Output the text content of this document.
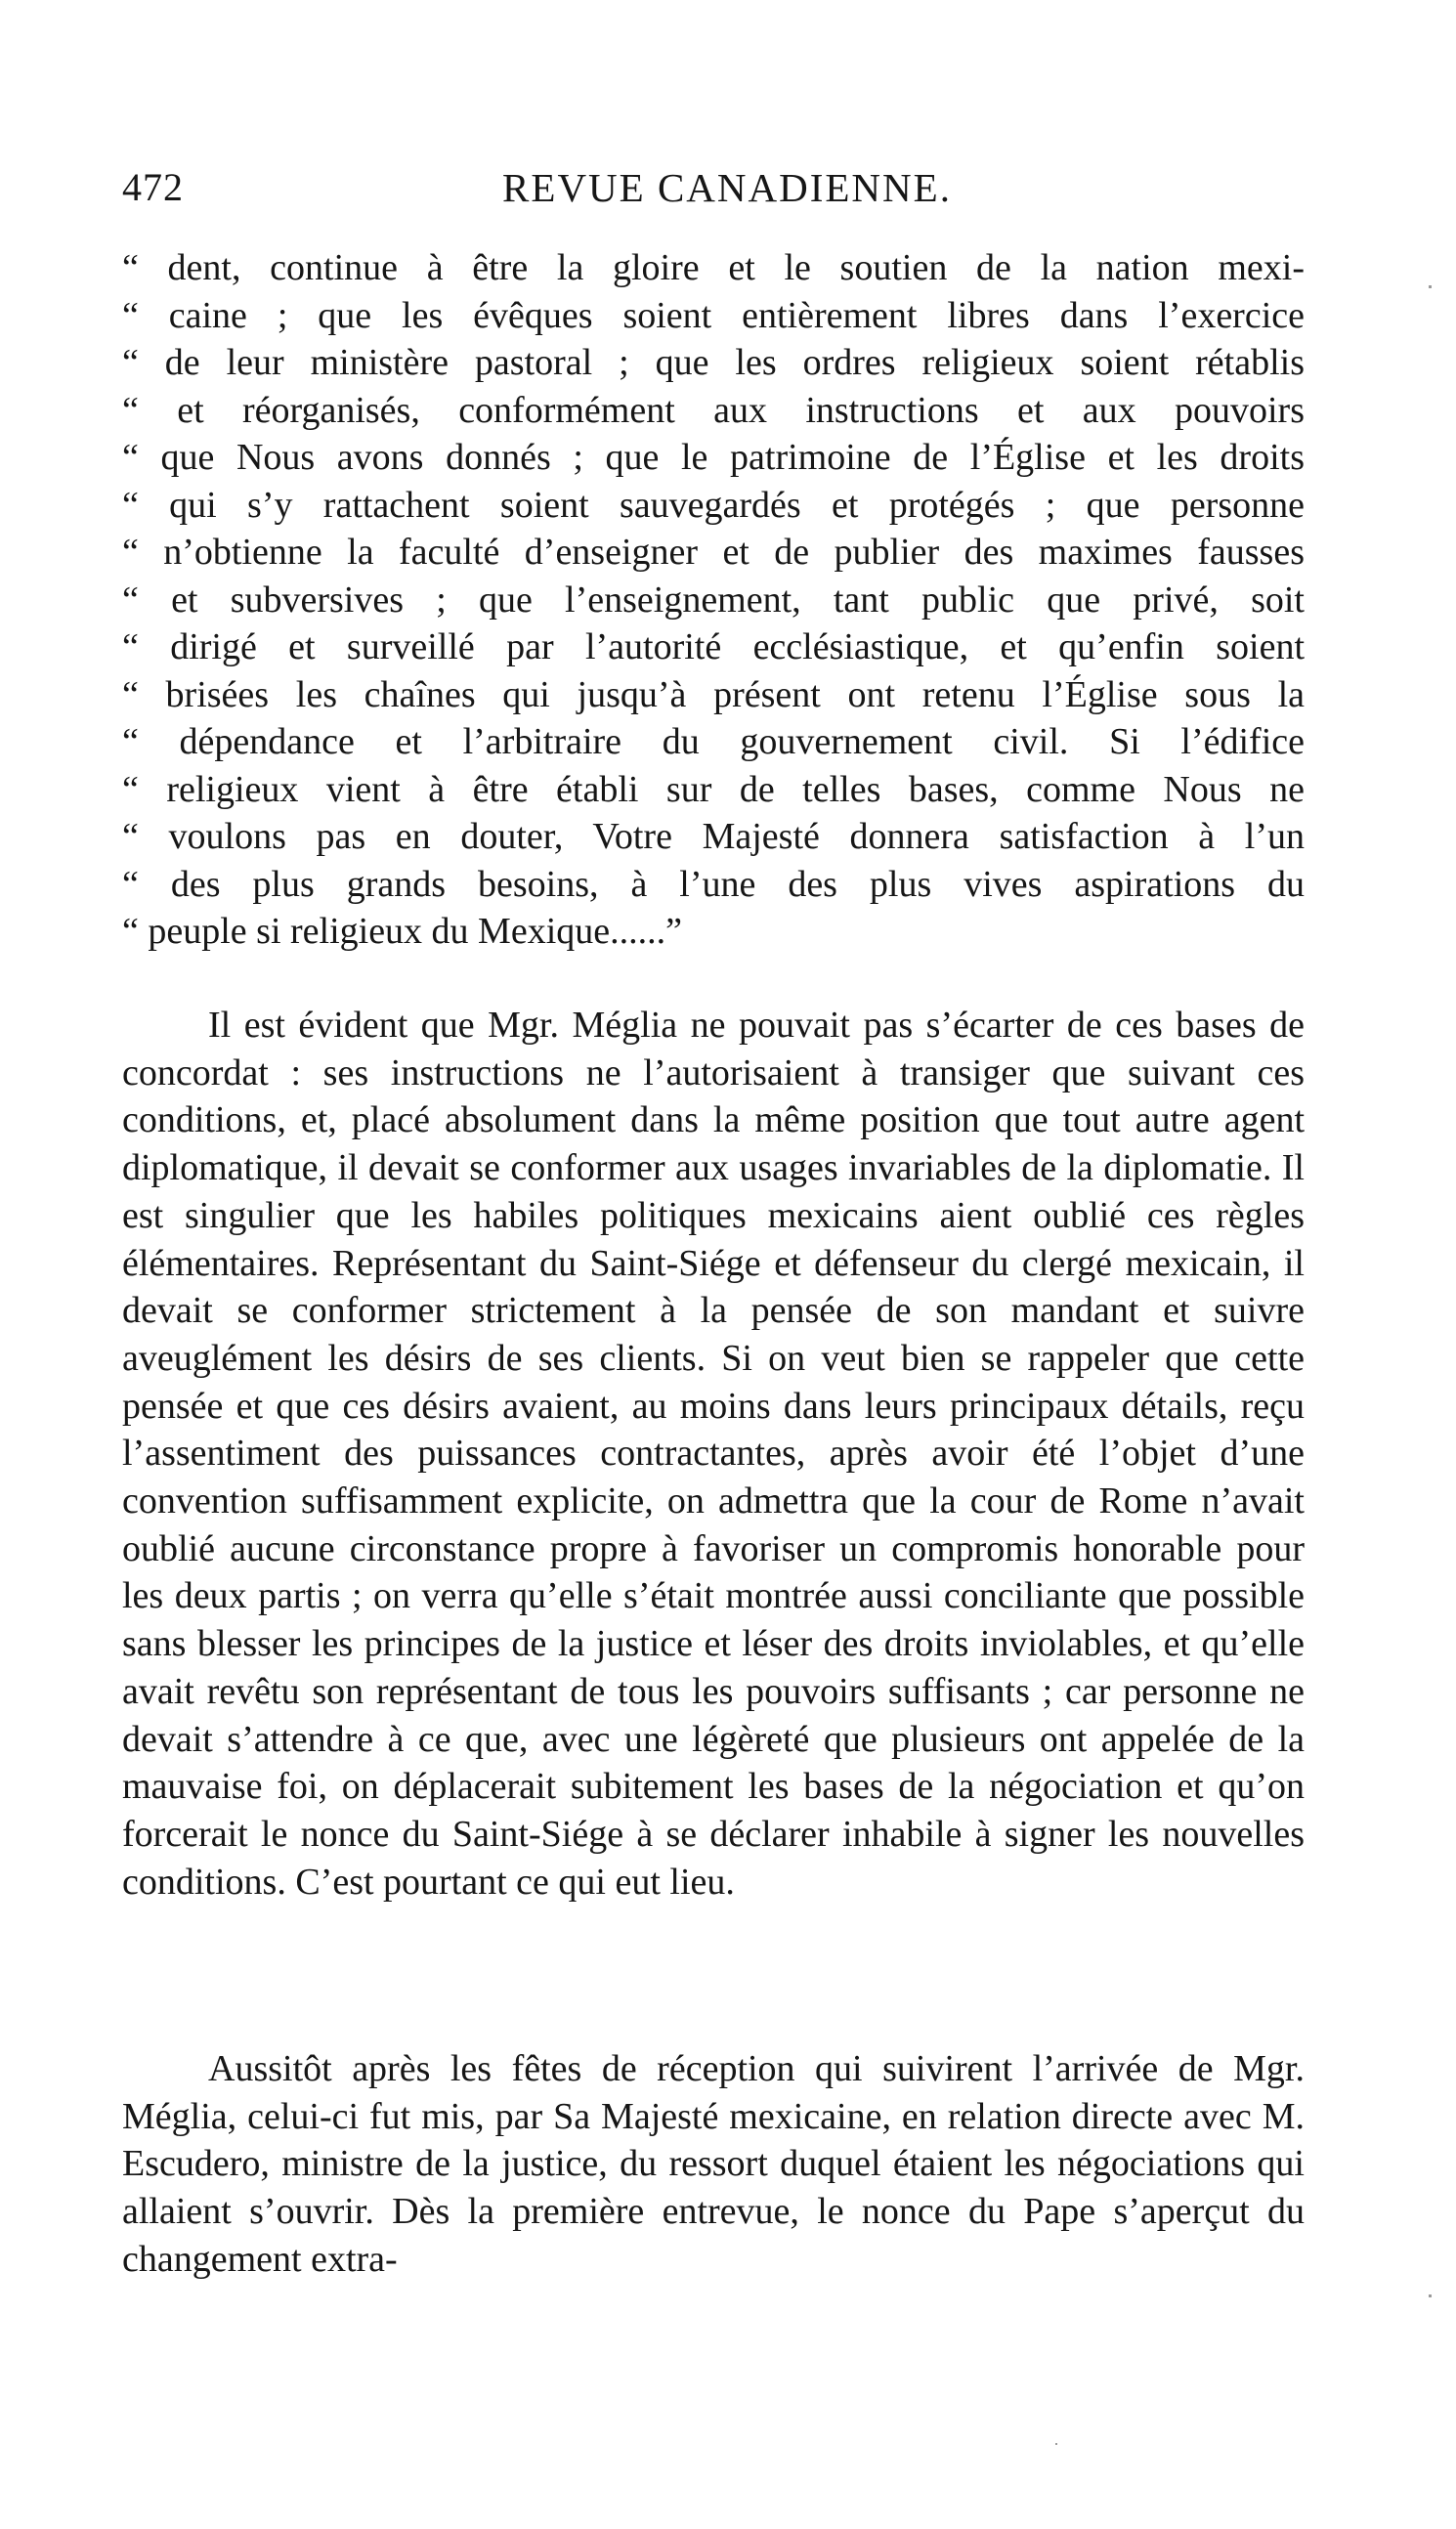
472	REVUE CANADIENNE.
“ dent, continue à être la gloire et le soutien de la nation mexi-
“ caine ; que les évêques soient entièrement libres dans l’exercice
“ de leur ministère pastoral ; que les ordres religieux soient rétablis
“ et réorganisés, conformément aux instructions et aux pouvoirs
“ que Nous avons donnés ; que le patrimoine de l’Église et les droits
“ qui s’y rattachent soient sauvegardés et protégés ; que personne
“ n’obtienne la faculté d’enseigner et de publier des maximes fausses
“ et subversives ; que l’enseignement, tant public que privé, soit
“ dirigé et surveillé par l’autorité ecclésiastique, et qu’enfin soient
“ brisées les chaînes qui jusqu’à présent ont retenu l’Église sous la
“ dépendance et l’arbitraire du gouvernement civil. Si l’édifice
“ religieux vient à être établi sur de telles bases, comme Nous ne
“ voulons pas en douter, Votre Majesté donnera satisfaction à l’un
“ des plus grands besoins, à l’une des plus vives aspirations du
“ peuple si religieux du Mexique......”

Il est évident que Mgr. Méglia ne pouvait pas s’écarter de ces bases de concordat : ses instructions ne l’autorisaient à transiger que suivant ces conditions, et, placé absolument dans la même position que tout autre agent diplomatique, il devait se conformer aux usages invariables de la diplomatie. Il est singulier que les habiles politiques mexicains aient oublié ces règles élémentaires. Représentant du Saint-Siége et défenseur du clergé mexicain, il devait se conformer strictement à la pensée de son mandant et suivre aveuglément les désirs de ses clients. Si on veut bien se rappeler que cette pensée et que ces désirs avaient, au moins dans leurs principaux détails, reçu l’assentiment des puissances contractantes, après avoir été l’objet d’une convention suffisamment explicite, on admettra que la cour de Rome n’avait oublié aucune circonstance propre à favoriser un compromis honorable pour les deux partis ; on verra qu’elle s’était montrée aussi conciliante que possible sans blesser les principes de la justice et léser des droits inviolables, et qu’elle avait revêtu son représentant de tous les pouvoirs suffisants ; car personne ne devait s’attendre à ce que, avec une légèreté que plusieurs ont appelée de la mauvaise foi, on déplacerait subitement les bases de la négociation et qu’on forcerait le nonce du Saint-Siége à se déclarer inhabile à signer les nouvelles conditions. C’est pourtant ce qui eut lieu.

Aussitôt après les fêtes de réception qui suivirent l’arrivée de Mgr. Méglia, celui-ci fut mis, par Sa Majesté mexicaine, en relation directe avec M. Escudero, ministre de la justice, du ressort duquel étaient les négociations qui allaient s’ouvrir. Dès la première entrevue, le nonce du Pape s’aperçut du changement extra-
